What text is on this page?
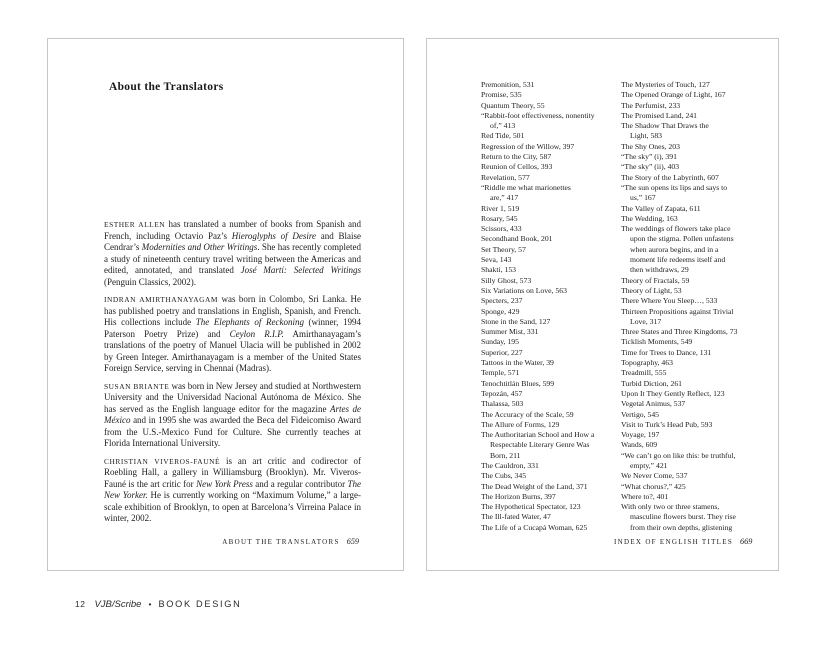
About the Translators

ESTHER ALLEN has translated a number of books from Spanish and French, including Octavio Paz’s Hieroglyphs of Desire and Blaise Cendrar’s Modernities and Other Writings. She has recently completed a study of nineteenth century travel writing between the Americas and edited, annotated, and translated José Martí: Selected Writings (Penguin Classics, 2002).

INDRAN AMIRTHANAYAGAM was born in Colombo, Sri Lanka. He has published poetry and translations in English, Spanish, and French. His collections include The Elephants of Reckoning (winner, 1994 Paterson Poetry Prize) and Ceylon R.I.P. Amirthanayagam’s translations of the poetry of Manuel Ulacia will be published in 2002 by Green Integer. Amirthanayagam is a member of the United States Foreign Service, serving in Chennai (Madras).

SUSAN BRIANTE was born in New Jersey and studied at Northwestern University and the Universidad Nacional Autónoma de México. She has served as the English language editor for the magazine Artes de México and in 1995 she was awarded the Beca del Fideicomiso Award from the U.S.-Mexico Fund for Culture. She currently teaches at Florida International University.

CHRISTIAN VIVEROS-FAUNÉ is an art critic and codirector of Roebling Hall, a gallery in Williamsburg (Brooklyn). Mr. Viveros-Fauné is the art critic for New York Press and a regular contributor The New Yorker. He is currently working on “Maximum Volume,” a large-scale exhibition of Brooklyn, to open at Barcelona’s Virreina Palace in winter, 2002.

ABOUT THE TRANSLATORS 659
Premonition, 531
Promise, 535
Quantum Theory, 55
“Rabbit-foot effectiveness, nonentity
of,” 413
Red Tide, 501
Regression of the Willow, 397
Return to the City, 587
Reunion of Cellos, 393
Revelation, 577
“Riddle me what marionettes
are,” 417
River 1, 519
Rosary, 545
Scissors, 433
Secondhand Book, 201
Set Theory, 57
Seva, 143
Shakti, 153
Silly Ghost, 573
Six Variations on Love, 563
Specters, 237
Sponge, 429
Stone in the Sand, 127
Summer Mist, 331
Sunday, 195
Superior, 227
Tattoos in the Water, 39
Temple, 571
Tenochtitlán Blues, 599
Tepozán, 457
Thalassa, 503
The Accuracy of the Scale, 59
The Allure of Forms, 129
The Authoritarian School and How a
Respectable Literary Genre Was
Born, 211
The Cauldron, 331
The Cubs, 345
The Dead Weight of the Land, 371
The Horizon Burns, 397
The Hypothetical Spectator, 123
The Ill-fated Water, 47
The Life of a Cucapá Woman, 625
The Mysteries of Touch, 127
The Opened Orange of Light, 167
The Perfumist, 233
The Promised Land, 241
The Shadow That Draws the
Light, 583
The Shy Ones, 203
“The sky” (i), 391
“The sky” (ii), 403
The Story of the Labyrinth, 607
“The sun opens its lips and says to
us,” 167
The Valley of Zapata, 611
The Wedding, 163
The weddings of flowers take place
upon the stigma. Pollen unfastens
when aurora begins, and in a
moment life redeems itself and
then withdraws, 29
Theory of Fractals, 59
Theory of Light, 53
There Where You Sleep…, 533
Thirteen Propositions against Trivial
Love, 317
Three States and Three Kingdoms, 73
Ticklish Moments, 549
Time for Trees to Dance, 131
Topography, 463
Treadmill, 555
Turbid Diction, 261
Upon It They Gently Reflect, 123
Vegetal Animus, 537
Vertigo, 545
Visit to Turk’s Head Pub, 593
Voyage, 197
Wands, 609
“We can’t go on like this: be truthful,
empty,” 421
We Never Come, 537
“What chorus?,” 425
Where to?, 401
With only two or three stamens,
masculine flowers burst. They rise
from their own depths, glistening
INDEX OF ENGLISH TITLES 669
12 VJB/Scribe • BOOK DESIGN
